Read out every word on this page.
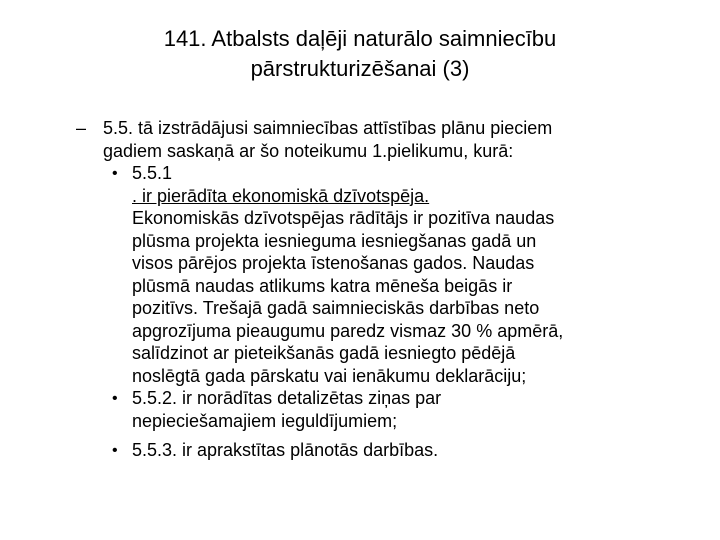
141. Atbalsts daļēji naturālo saimniecību
pārstrukturizēšanai (3)
– 5.5. tā izstrādājusi saimniecības attīstības plānu pieciem
gadiem saskaņā ar šo noteikumu 1.pielikumu, kurā:
• 5.5.1
. ir pierādīta ekonomiskā dzīvotspēja.
Ekonomiskās dzīvotspējas rādītājs ir pozitīva naudas
plūsma projekta iesnieguma iesniegšanas gadā un
visos pārējos projekta īstenošanas gados. Naudas
plūsmā naudas atlikums katra mēneša beigās ir
pozitīvs. Trešajā gadā saimnieciskās darbības neto
apgrozījuma pieaugumu paredz vismaz 30 % apmērā,
salīdzinot ar pieteikšanās gadā iesniegto pēdējā
noslēgtā gada pārskatu vai ienākumu deklarāciju;
• 5.5.2. ir norādītas detalizētas ziņas par
nepieciešamajiem ieguldījumiem;
• 5.5.3. ir aprakstītas plānotās darbības.
